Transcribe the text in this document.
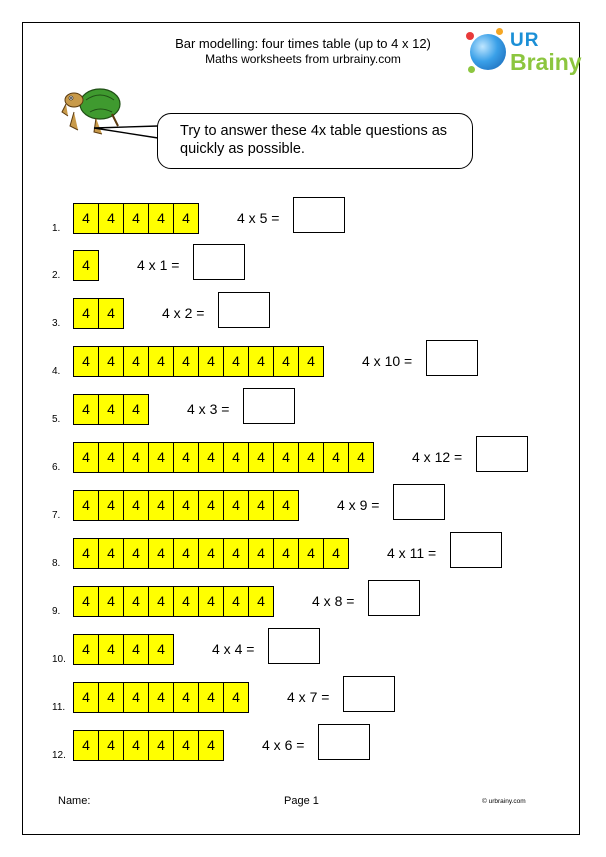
Bar modelling: four times table (up to 4 x 12)
Maths worksheets from urbrainy.com
UR
Brainy
Try to answer these 4x table questions as quickly as possible.
1.
4	4	4	4	4	4 x 5 =
2.
4	4 x 1 =
3.
4	4	4 x 2 =
4.
4	4	4	4	4	4	4	4	4	4	4 x 10 =
5.
4	4	4	4 x 3 =
6.
4	4	4	4	4	4	4	4	4	4	4	4	4 x 12 =
7.
4	4	4	4	4	4	4	4	4	4 x 9 =
8.
4	4	4	4	4	4	4	4	4	4	4	4 x 11 =
9.
4	4	4	4	4	4	4	4	4 x 8 =
10.
4	4	4	4	4 x 4 =
11.
4	4	4	4	4	4	4	4 x 7 =
12.
4	4	4	4	4	4	4 x 6 =
Name:	Page 1	© urbrainy.com
